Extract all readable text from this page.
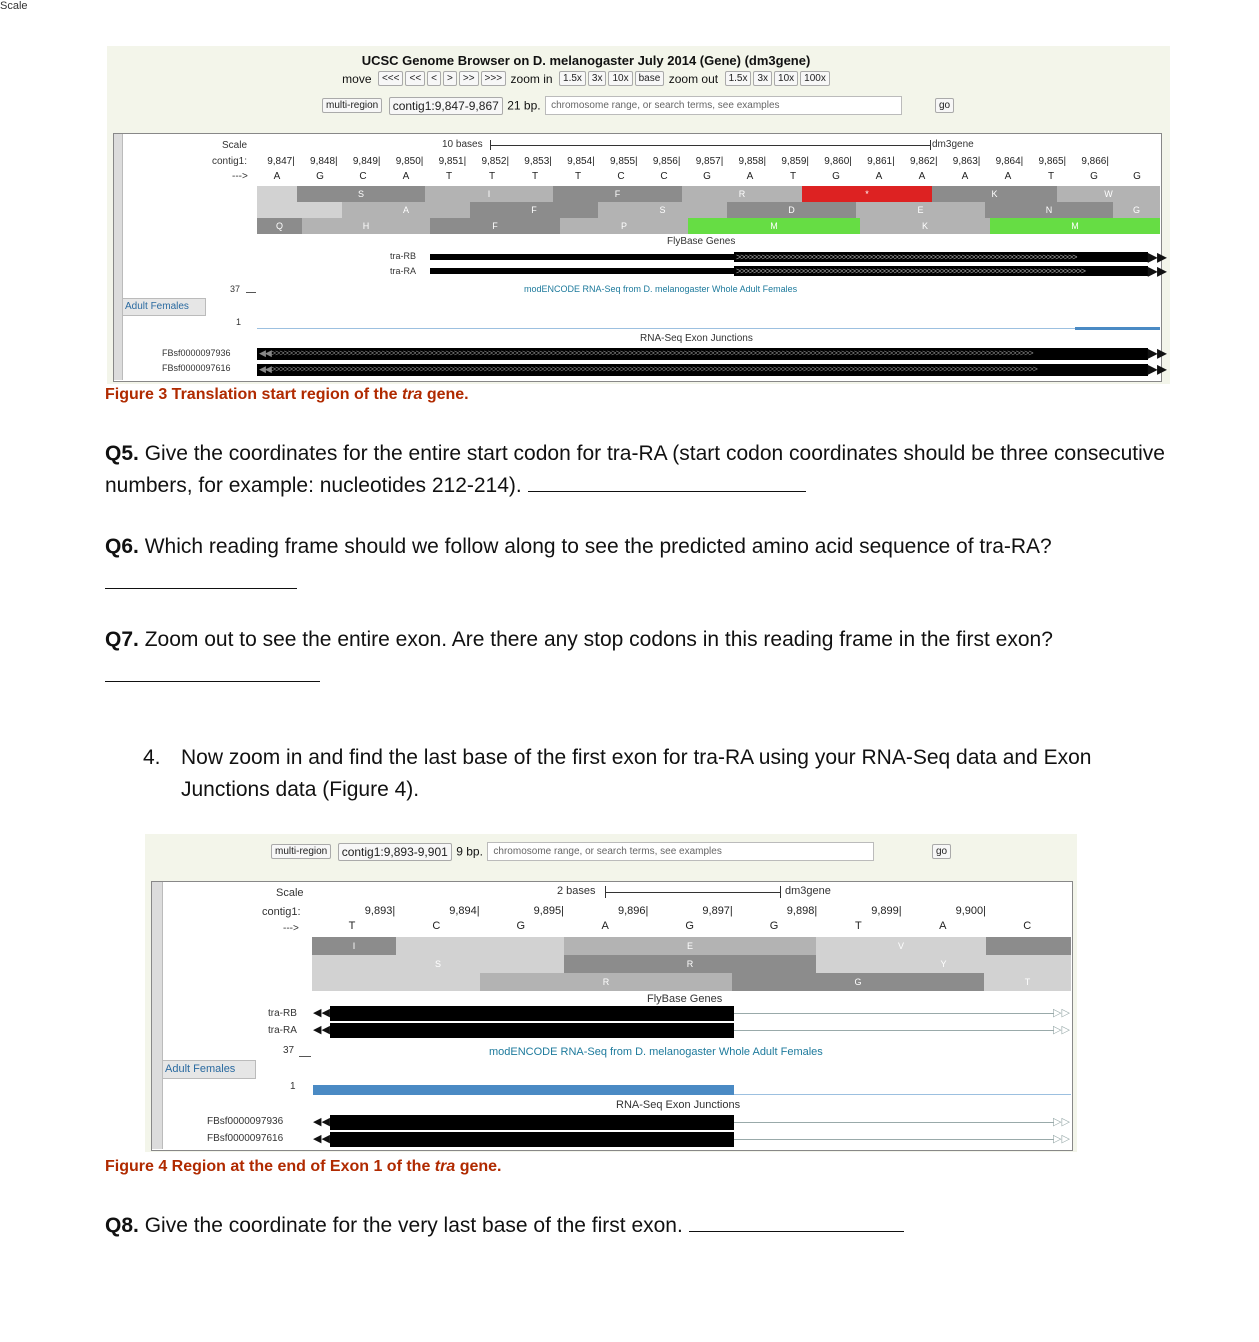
UCSC Genome Browser on D. melanogaster July 2014 (Gene) (dm3gene)
move <<< << < > >> >>> zoom in 1.5x 3x 10x base zoom out 1.5x 3x 10x 100x
multi-region contig1:9,847-9,867 21 bp. chromosome range, or search terms, see examples	go
Scale	10 bases	dm3gene
contig1:
--->
9,847| 9,848| 9,849| 9,850| 9,851| 9,852| 9,853| 9,854| 9,855| 9,856| 9,857| 9,858| 9,859| 9,860| 9,861| 9,862| 9,863| 9,864| 9,865| 9,866|
A	G	C	A	T	T	T	T	C	C	G	A	T	G	A	A	A	A	T	G	G
S	I	F	R	*	K	W
A	F	S	D	E	N	G
Q	H	F	P	M	K	M
FlyBase Genes
tra-RB
tra-RA
>>>>>>>>>>>>>>>>>>>>>>>>>>>>>>>>>>>>>>>>>>>>>>>>>>>>>>>>>>>>>>>>>>>>>>>>>>>>>>>>
>>>>>>>>>>>>>>>>>>>>>>>>>>>>>>>>>>>>>>>>>>>>>>>>>>>>>>>>>>>>>>>>>>>>>>>>>>>>>>>>>>
▶▶
▶▶
37	modENCODE RNA-Seq from D. melanogaster Whole Adult Females
Adult Females
1
RNA-Seq Exon Junctions
FBsf0000097936
FBsf0000097616
◀◀>>>>>>>>>>>>>>>>>>>>>>>>>>>>>>>>>>>>>>>>>>>>>>>>>>>>>>>>>>>>>>>>>>>>>>>>>>>>>>>>>>>>>>>>>>>>>>>>>>>>>>>>>>>>>>>>>>>>>>>>>>>>>>>>>>>>>>>>>>>>>>>>>>>>>>>>>>>>>>>>>>>>>>>>>>>>>>>>>>>
◀◀>>>>>>>>>>>>>>>>>>>>>>>>>>>>>>>>>>>>>>>>>>>>>>>>>>>>>>>>>>>>>>>>>>>>>>>>>>>>>>>>>>>>>>>>>>>>>>>>>>>>>>>>>>>>>>>>>>>>>>>>>>>>>>>>>>>>>>>>>>>>>>>>>>>>>>>>>>>>>>>>>>>>>>>>>>>>>>>>>>>>
▶▶
▶▶
Figure 3 Translation start region of the tra gene.
Q5. Give the coordinates for the entire start codon for tra-RA (start codon coordinates should be three consecutive numbers, for example: nucleotides 212-214).
Q6. Which reading frame should we follow along to see the predicted amino acid sequence of tra-RA?
Q7. Zoom out to see the entire exon. Are there any stop codons in this reading frame in the first exon?
4. Now zoom in and find the last base of the first exon for tra-RA using your RNA-Seq data and Exon Junctions data (Figure 4).
multi-region contig1:9,893-9,901 9 bp. chromosome range, or search terms, see examples	go
Scale
Scale	2 bases	dm3gene
contig1:
--->
9,893|	9,894|	9,895|	9,896|	9,897|	9,898|	9,899|	9,900|
T	C	G	A	G	G	T	A	C
I	E	V
S	R	Y
R	G	T
FlyBase Genes
tra-RB
tra-RA
◀◀
◀◀
▷▷
▷▷
37	modENCODE RNA-Seq from D. melanogaster Whole Adult Females
Adult Females
1
RNA-Seq Exon Junctions
FBsf0000097936
FBsf0000097616
◀◀
◀◀
▷▷
▷▷
Figure 4 Region at the end of Exon 1 of the tra gene.
Q8. Give the coordinate for the very last base of the first exon.
